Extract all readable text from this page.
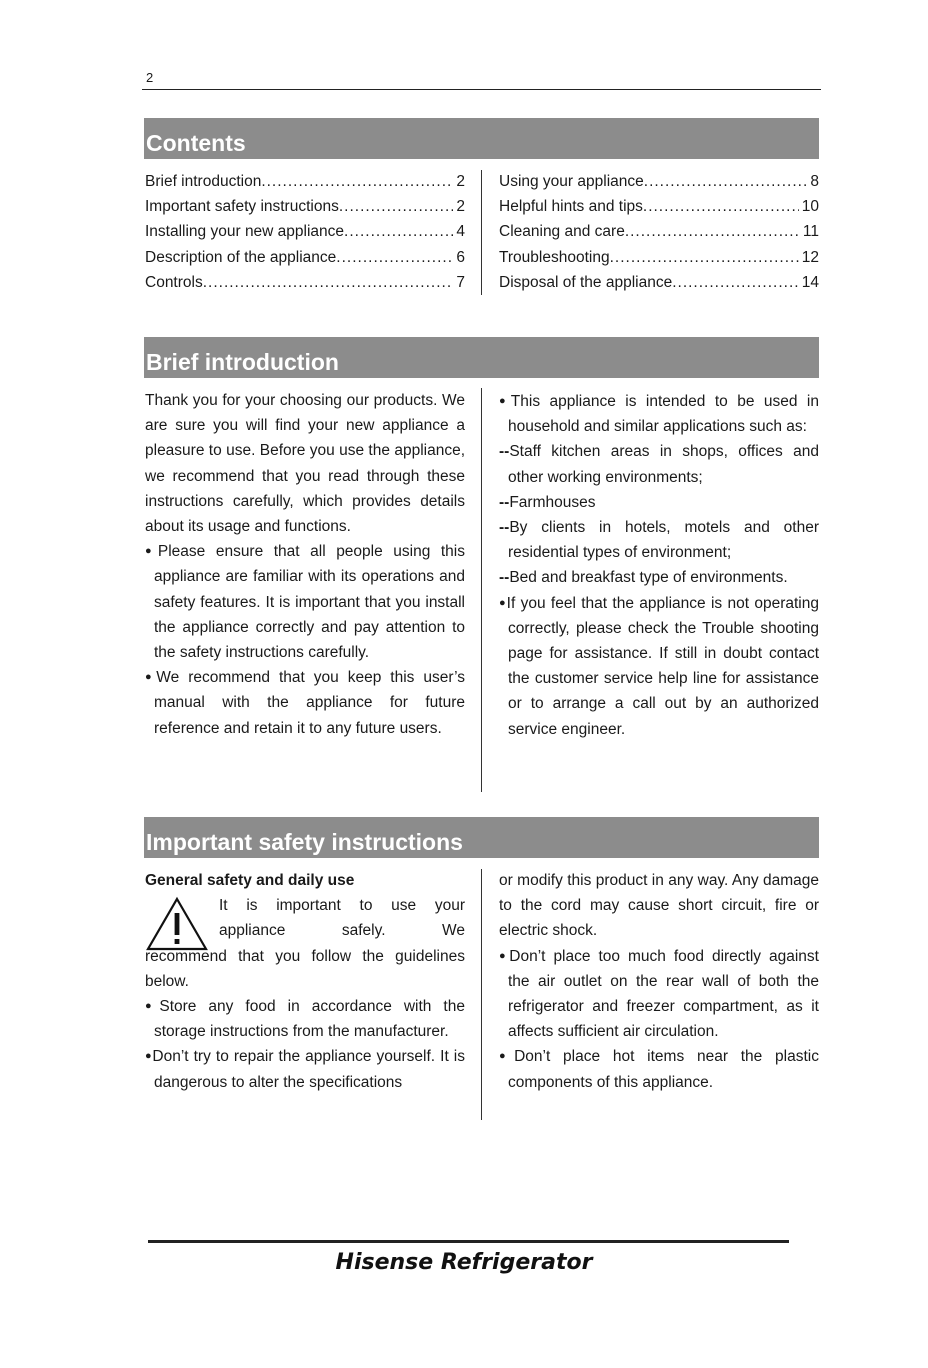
2
Contents
Brief introduction .....	2
Important safety instructions .....	2
Installing your new appliance .....	4
Description of the appliance .....	6
Controls .....	7
Using your appliance .....	8
Helpful hints and tips .....	10
Cleaning and care .....	11
Troubleshooting .....	12
Disposal of the appliance .....	14
Brief introduction

Thank you for your choosing our products. We are sure you will find your new appliance a pleasure to use. Before you use the appliance, we recommend that you read through these instructions carefully, which provides details about its usage and functions.

●Please ensure that all people using this appliance are familiar with its operations and safety features. It is important that you install the appliance correctly and pay attention to the safety instructions carefully.

●We recommend that you keep this user’s manual with the appliance for future reference and retain it to any future users.

●This appliance is intended to be used in household and similar applications such as:

--Staff kitchen areas in shops, offices and other working environments;

--Farmhouses

--By clients in hotels, motels and other residential types of environment;

--Bed and breakfast type of environments.

●If you feel that the appliance is not operating correctly, please check the Trouble shooting page for assistance. If still in doubt contact the customer service help line for assistance or to arrange a call out by an authorized service engineer.

Important safety instructions

General safety and daily use

It is important to use your

appliance safely. We

recommend that you follow the guidelines below.

●Store any food in accordance with the storage instructions from the manufacturer.

●Don’t try to repair the appliance yourself. It is dangerous to alter the specifications

or modify this product in any way. Any damage to the cord may cause short circuit, fire or electric shock.

●Don’t place too much food directly against the air outlet on the rear wall of both the refrigerator and freezer compartment, as it affects sufficient air circulation.

●Don’t place hot items near the plastic components of this appliance.

Hisense Refrigerator
